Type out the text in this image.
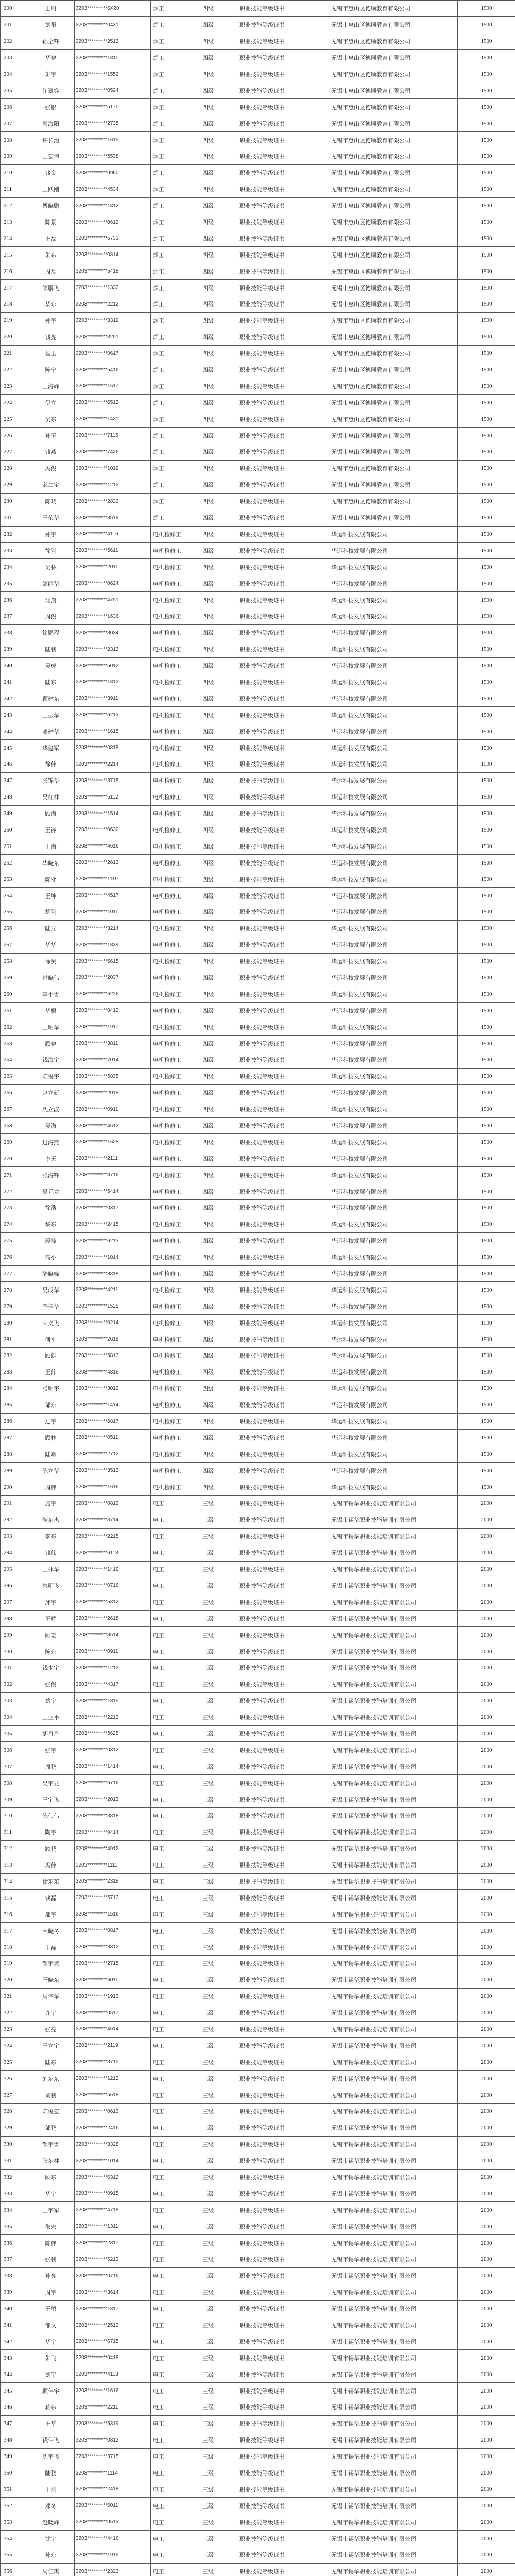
200	王川	3203**********6X20	焊工	四级	职业技能等级证书	无锡市惠山区德顺教育有限公司	1500
201	刘阳	3203**********0431	焊工	四级	职业技能等级证书	无锡市惠山区德顺教育有限公司	1500
202	孙全锋	3203**********2513	焊工	四级	职业技能等级证书	无锡市惠山区德顺教育有限公司	1500
203	华晓	3203**********1811	焊工	四级	职业技能等级证书	无锡市惠山区德顺教育有限公司	1500
204	朱宇	3203**********1552	焊工	四级	职业技能等级证书	无锡市惠山区德顺教育有限公司	1500
205	汪翠容	3203**********0524	焊工	四级	职业技能等级证书	无锡市惠山区德顺教育有限公司	1500
206	张银	3203**********5170	焊工	四级	职业技能等级证书	无锡市惠山区德顺教育有限公司	1500
207	周海阳	3203**********2735	焊工	四级	职业技能等级证书	无锡市惠山区德顺教育有限公司	1500
208	许长治	3203**********1615	焊工	四级	职业技能等级证书	无锡市惠山区德顺教育有限公司	1500
209	王宏伟	3203**********5538	焊工	四级	职业技能等级证书	无锡市惠山区德顺教育有限公司	1500
210	钱金	3203**********0960	焊工	四级	职业技能等级证书	无锡市惠山区德顺教育有限公司	1500
211	王跃刚	3203**********4534	焊工	四级	职业技能等级证书	无锡市惠山区德顺教育有限公司	1500
212	傅晓鹏	3203**********1812	焊工	四级	职业技能等级证书	无锡市惠山区德顺教育有限公司	1500
213	陈景	3203**********0612	焊工	四级	职业技能等级证书	无锡市惠山区德顺教育有限公司	1500
214	王磊	3203**********5733	焊工	四级	职业技能等级证书	无锡市惠山区德顺教育有限公司	1500
215	朱东	3203**********0814	焊工	四级	职业技能等级证书	无锡市惠山区德顺教育有限公司	1500
216	周晶	3203**********5418	焊工	四级	职业技能等级证书	无锡市惠山区德顺教育有限公司	1500
217	邹鹏飞	3203**********1332	焊工	四级	职业技能等级证书	无锡市惠山区德顺教育有限公司	1500
218	华东	3203**********2212	焊工	四级	职业技能等级证书	无锡市惠山区德顺教育有限公司	1500
219	孙宇	3203**********3319	焊工	四级	职业技能等级证书	无锡市惠山区德顺教育有限公司	1500
220	钱亮	3203**********3251	焊工	四级	职业技能等级证书	无锡市惠山区德顺教育有限公司	1500
221	杨玉	3203**********0617	焊工	四级	职业技能等级证书	无锡市惠山区德顺教育有限公司	1500
222	陈宁	3203**********5416	焊工	四级	职业技能等级证书	无锡市惠山区德顺教育有限公司	1500
223	王海峰	3203**********1517	焊工	四级	职业技能等级证书	无锡市惠山区德顺教育有限公司	1500
224	倪立	3203**********6513	焊工	四级	职业技能等级证书	无锡市惠山区德顺教育有限公司	1500
225	吴东	3203**********1431	焊工	四级	职业技能等级证书	无锡市惠山区德顺教育有限公司	1500
226	孙玉	3203**********7115	焊工	四级	职业技能等级证书	无锡市惠山区德顺教育有限公司	1500
227	钱燕	3203**********7426	焊工	四级	职业技能等级证书	无锡市惠山区德顺教育有限公司	1500
228	冯俊	3203**********1019	焊工	四级	职业技能等级证书	无锡市惠山区德顺教育有限公司	1500
229	邱二宝	3203**********1213	焊工	四级	职业技能等级证书	无锡市惠山区德顺教育有限公司	1500
230	陈晓	3203**********2832	焊工	四级	职业技能等级证书	无锡市惠山区德顺教育有限公司	1500
231	王荣华	3203**********3519	焊工	四级	职业技能等级证书	无锡市惠山区德顺教育有限公司	1500
232	孙宇	3203**********4116	电机检修工	四级	职业技能等级证书	华运科技发展有限公司	1500
233	徐刚	3203**********5611	电机检修工	四级	职业技能等级证书	华运科技发展有限公司	1500
234	吴林	3203**********2011	电机检修工	四级	职业技能等级证书	华运科技发展有限公司	1500
235	邹丽华	3203**********0624	电机检修工	四级	职业技能等级证书	华运科技发展有限公司	1500
236	沈凯	3203**********4751	电机检修工	四级	职业技能等级证书	华运科技发展有限公司	1500
237	周俊	3203**********1636	电机检修工	四级	职业技能等级证书	华运科技发展有限公司	1500
238	徐鹏程	3203**********3034	电机检修工	四级	职业技能等级证书	华运科技发展有限公司	1500
239	陆鹏	3203**********2313	电机检修工	四级	职业技能等级证书	华运科技发展有限公司	1500
240	吴成	3203**********5012	电机检修工	四级	职业技能等级证书	华运科技发展有限公司	1500
241	陆东	3203**********1813	电机检修工	四级	职业技能等级证书	华运科技发展有限公司	1500
242	顾建东	3203**********3911	电机检修工	四级	职业技能等级证书	华运科技发展有限公司	1500
243	王振华	3203**********6213	电机检修工	四级	职业技能等级证书	华运科技发展有限公司	1500
244	邓建华	3203**********1615	电机检修工	四级	职业技能等级证书	华运科技发展有限公司	1500
245	华建军	3203**********0818	电机检修工	四级	职业技能等级证书	华运科技发展有限公司	1500
246	徐伟	3203**********2214	电机检修工	四级	职业技能等级证书	华运科技发展有限公司	1500
247	张锦华	3203**********3715	电机检修工	四级	职业技能等级证书	华运科技发展有限公司	1500
248	吴红林	3203**********5112	电机检修工	四级	职业技能等级证书	华运科技发展有限公司	1500
249	顾海	3203**********1514	电机检修工	四级	职业技能等级证书	华运科技发展有限公司	1500
250	王锋	3203**********0630	电机检修工	四级	职业技能等级证书	华运科技发展有限公司	1500
251	王海	3203**********4616	电机检修工	四级	职业技能等级证书	华运科技发展有限公司	1500
252	华晓东	3203**********2613	电机检修工	四级	职业技能等级证书	华运科技发展有限公司	1500
253	陈亚	3203**********1119	电机检修工	四级	职业技能等级证书	华运科技发展有限公司	1500
254	王坤	3203**********4517	电机检修工	四级	职业技能等级证书	华运科技发展有限公司	1500
255	胡刚	3203**********1011	电机检修工	四级	职业技能等级证书	华运科技发展有限公司	1500
256	陆立	3203**********3214	电机检修工	四级	职业技能等级证书	华运科技发展有限公司	1500
257	华华	3203**********1839	电机检修工	四级	职业技能等级证书	华运科技发展有限公司	1500
258	徐昊	3203**********5615	电机检修工	四级	职业技能等级证书	华运科技发展有限公司	1500
259	过晓伟	3203**********2037	电机检修工	四级	职业技能等级证书	华运科技发展有限公司	1500
260	李小雪	3203**********6226	电机检修工	四级	职业技能等级证书	华运科技发展有限公司	1500
261	华根	3203**********0412	电机检修工	四级	职业技能等级证书	华运科技发展有限公司	1500
262	王明华	3203**********1917	电机检修工	四级	职业技能等级证书	华运科技发展有限公司	1500
263	顾晓	3203**********3811	电机检修工	四级	职业技能等级证书	华运科技发展有限公司	1500
264	钱海宇	3203**********7014	电机检修工	四级	职业技能等级证书	华运科技发展有限公司	1500
265	陈俊宇	3203**********5835	电机检修工	四级	职业技能等级证书	华运科技发展有限公司	1500
266	赵立新	3203**********2018	电机检修工	四级	职业技能等级证书	华运科技发展有限公司	1500
267	沈立波	3203**********0911	电机检修工	四级	职业技能等级证书	华运科技发展有限公司	1500
268	吴海	3203**********4512	电机检修工	四级	职业技能等级证书	华运科技发展有限公司	1500
269	过海燕	3203**********1628	电机检修工	四级	职业技能等级证书	华运科技发展有限公司	1500
270	李天	3203**********2111	电机检修工	四级	职业技能等级证书	华运科技发展有限公司	1500
271	张海锋	3203**********3716	电机检修工	四级	职业技能等级证书	华运科技发展有限公司	1500
272	吴元龙	3203**********5414	电机检修工	四级	职业技能等级证书	华运科技发展有限公司	1500
273	徐浩	3203**********0317	电机检修工	四级	职业技能等级证书	华运科技发展有限公司	1500
274	华东	3203**********2415	电机检修工	四级	职业技能等级证书	华运科技发展有限公司	1500
275	殷峰	3203**********6213	电机检修工	四级	职业技能等级证书	华运科技发展有限公司	1500
276	高小	3203**********1014	电机检修工	四级	职业技能等级证书	华运科技发展有限公司	1500
277	陆晓峰	3203**********3818	电机检修工	四级	职业技能等级证书	华运科技发展有限公司	1500
278	吴成华	3203**********4211	电机检修工	四级	职业技能等级证书	华运科技发展有限公司	1500
279	李佳华	3203**********1525	电机检修工	四级	职业技能等级证书	华运科技发展有限公司	1500
280	宋义飞	3203**********0214	电机检修工	四级	职业技能等级证书	华运科技发展有限公司	1500
281	何平	3203**********2619	电机检修工	四级	职业技能等级证书	华运科技发展有限公司	1500
282	顾雄	3203**********5813	电机检修工	四级	职业技能等级证书	华运科技发展有限公司	1500
283	王伟	3203**********4316	电机检修工	四级	职业技能等级证书	华运科技发展有限公司	1500
284	张明宇	3203**********3012	电机检修工	四级	职业技能等级证书	华运科技发展有限公司	1500
285	邹东	3203**********1414	电机检修工	四级	职业技能等级证书	华运科技发展有限公司	1500
286	过宇	3203**********6817	电机检修工	四级	职业技能等级证书	华运科技发展有限公司	1500
287	顾林	3203**********0511	电机检修工	四级	职业技能等级证书	华运科技发展有限公司	1500
288	陆斌	3203**********2712	电机检修工	四级	职业技能等级证书	华运科技发展有限公司	1500
289	陈立华	3203**********3513	电机检修工	四级	职业技能等级证书	华运科技发展有限公司	1500
290	周伟	3203**********1616	电机检修工	四级	职业技能等级证书	华运科技发展有限公司	1500
291	施宇	3203**********0812	电工	三级	职业技能等级证书	无锡市锡华职业技能培训有限公司	2000
292	陶东杰	3203**********3714	电工	三级	职业技能等级证书	无锡市锡华职业技能培训有限公司	2000
293	李东	3203**********2215	电工	三级	职业技能等级证书	无锡市锡华职业技能培训有限公司	2000
294	钱伟	3203**********6113	电工	三级	职业技能等级证书	无锡市锡华职业技能培训有限公司	2000
295	王林华	3203**********1419	电工	三级	职业技能等级证书	无锡市锡华职业技能培训有限公司	2000
296	朱明飞	3203**********0716	电工	三级	职业技能等级证书	无锡市锡华职业技能培训有限公司	2000
297	邱宇	3203**********5312	电工	三级	职业技能等级证书	无锡市锡华职业技能培训有限公司	2000
298	王辉	3203**********2618	电工	三级	职业技能等级证书	无锡市锡华职业技能培训有限公司	2000
299	顾宏	3203**********3514	电工	三级	职业技能等级证书	无锡市锡华职业技能培训有限公司	2000
300	陈东	3203**********0911	电工	三级	职业技能等级证书	无锡市锡华职业技能培训有限公司	2000
301	钱少宇	3203**********1213	电工	三级	职业技能等级证书	无锡市锡华职业技能培训有限公司	2000
302	张俊	3203**********4317	电工	三级	职业技能等级证书	无锡市锡华职业技能培训有限公司	2000
303	蔡宇	3203**********1815	电工	三级	职业技能等级证书	无锡市锡华职业技能培训有限公司	2000
304	王亚平	3203**********2213	电工	三级	职业技能等级证书	无锡市锡华职业技能培训有限公司	2000
305	胡丹丹	3203**********5625	电工	三级	职业技能等级证书	无锡市锡华职业技能培训有限公司	2000
306	张宇	3203**********0312	电工	三级	职业技能等级证书	无锡市锡华职业技能培训有限公司	2000
307	周鹏	3203**********1414	电工	三级	职业技能等级证书	无锡市锡华职业技能培训有限公司	2000
308	吴宇龙	3203**********6716	电工	三级	职业技能等级证书	无锡市锡华职业技能培训有限公司	2000
309	王宇飞	3203**********2013	电工	三级	职业技能等级证书	无锡市锡华职业技能培训有限公司	2000
310	陈伟伟	3203**********3818	电工	三级	职业技能等级证书	无锡市锡华职业技能培训有限公司	2000
311	陶宇	3203**********0414	电工	三级	职业技能等级证书	无锡市锡华职业技能培训有限公司	2000
312	顾鹏	3203**********4912	电工	三级	职业技能等级证书	无锡市锡华职业技能培训有限公司	2000
313	冯伟	3203**********1111	电工	三级	职业技能等级证书	无锡市锡华职业技能培训有限公司	2000
314	徐东东	3203**********2318	电工	三级	职业技能等级证书	无锡市锡华职业技能培训有限公司	2000
315	钱磊	3203**********5713	电工	三级	职业技能等级证书	无锡市锡华职业技能培训有限公司	2000
316	邵宇	3203**********1516	电工	三级	职业技能等级证书	无锡市锡华职业技能培训有限公司	2000
317	宋晓冬	3203**********0817	电工	三级	职业技能等级证书	无锡市锡华职业技能培训有限公司	2000
318	王磊	3203**********3312	电工	三级	职业技能等级证书	无锡市锡华职业技能培训有限公司	2000
319	邹宇斌	3203**********2715	电工	三级	职业技能等级证书	无锡市锡华职业技能培训有限公司	2000
320	王晓东	3203**********6011	电工	三级	职业技能等级证书	无锡市锡华职业技能培训有限公司	2000
321	周伟华	3203**********1913	电工	三级	职业技能等级证书	无锡市锡华职业技能培训有限公司	2000
322	许宇	3203**********0517	电工	三级	职业技能等级证书	无锡市锡华职业技能培训有限公司	2000
323	张亮	3203**********4614	电工	三级	职业技能等级证书	无锡市锡华职业技能培训有限公司	2000
324	王立宇	3203**********2119	电工	三级	职业技能等级证书	无锡市锡华职业技能培训有限公司	2000
325	陆东	3203**********3715	电工	三级	职业技能等级证书	无锡市锡华职业技能培训有限公司	2000
326	刘东东	3203**********1212	电工	三级	职业技能等级证书	无锡市锡华职业技能培训有限公司	2000
327	刘鹏	3203**********5518	电工	三级	职业技能等级证书	无锡市锡华职业技能培训有限公司	2000
328	陈俊宏	3203**********0613	电工	三级	职业技能等级证书	无锡市锡华职业技能培训有限公司	2000
329	邹鹏	3203**********2416	电工	三级	职业技能等级证书	无锡市锡华职业技能培训有限公司	2000
330	邹宇雪	3203**********3328	电工	三级	职业技能等级证书	无锡市锡华职业技能培训有限公司	2000
331	张东林	3203**********1014	电工	三级	职业技能等级证书	无锡市锡华职业技能培训有限公司	2000
332	顾东	3203**********6312	电工	三级	职业技能等级证书	无锡市锡华职业技能培训有限公司	2000
333	华宇	3203**********0915	电工	三级	职业技能等级证书	无锡市锡华职业技能培训有限公司	2000
334	王宇军	3203**********4718	电工	三级	职业技能等级证书	无锡市锡华职业技能培训有限公司	2000
335	朱宏	3203**********1311	电工	三级	职业技能等级证书	无锡市锡华职业技能培训有限公司	2000
336	陈伟	3203**********2817	电工	三级	职业技能等级证书	无锡市锡华职业技能培训有限公司	2000
337	张鹏	3203**********5213	电工	三级	职业技能等级证书	无锡市锡华职业技能培训有限公司	2000
338	孙亮	3203**********0716	电工	三级	职业技能等级证书	无锡市锡华职业技能培训有限公司	2000
339	周宇	3203**********3614	电工	三级	职业技能等级证书	无锡市锡华职业技能培训有限公司	2000
340	王勇	3203**********1817	电工	三级	职业技能等级证书	无锡市锡华职业技能培训有限公司	2000
341	邹文	3203**********2512	电工	三级	职业技能等级证书	无锡市锡华职业技能培训有限公司	2000
342	华宇	3203**********6715	电工	三级	职业技能等级证书	无锡市锡华职业技能培训有限公司	2000
343	朱飞	3203**********0418	电工	三级	职业技能等级证书	无锡市锡华职业技能培训有限公司	2000
344	刘宇	3203**********4113	电工	三级	职业技能等级证书	无锡市锡华职业技能培训有限公司	2000
345	顾伟宇	3203**********1616	电工	三级	职业技能等级证书	无锡市锡华职业技能培训有限公司	2000
346	蒋东	3203**********2211	电工	三级	职业技能等级证书	无锡市锡华职业技能培训有限公司	2000
347	王华	3203**********5319	电工	三级	职业技能等级证书	无锡市锡华职业技能培训有限公司	2000
348	钱伟飞	3203**********0812	电工	三级	职业技能等级证书	无锡市锡华职业技能培训有限公司	2000
349	沈宇飞	3203**********3715	电工	三级	职业技能等级证书	无锡市锡华职业技能培训有限公司	2000
350	陆鹏	3203**********1114	电工	三级	职业技能等级证书	无锡市锡华职业技能培训有限公司	2000
351	王刚	3203**********2418	电工	三级	职业技能等级证书	无锡市锡华职业技能培训有限公司	2000
352	邓冬	3203**********6011	电工	三级	职业技能等级证书	无锡市锡华职业技能培训有限公司	2000
353	赵晓峰	3203**********0513	电工	三级	职业技能等级证书	无锡市锡华职业技能培训有限公司	2000
354	沈宇	3203**********4416	电工	三级	职业技能等级证书	无锡市锡华职业技能培训有限公司	2000
355	孙东	3203**********1919	电工	三级	职业技能等级证书	无锡市锡华职业技能培训有限公司	2000
356	周佳琪	3203**********2323	电工	三级	职业技能等级证书	无锡市锡华职业技能培训有限公司	2000
